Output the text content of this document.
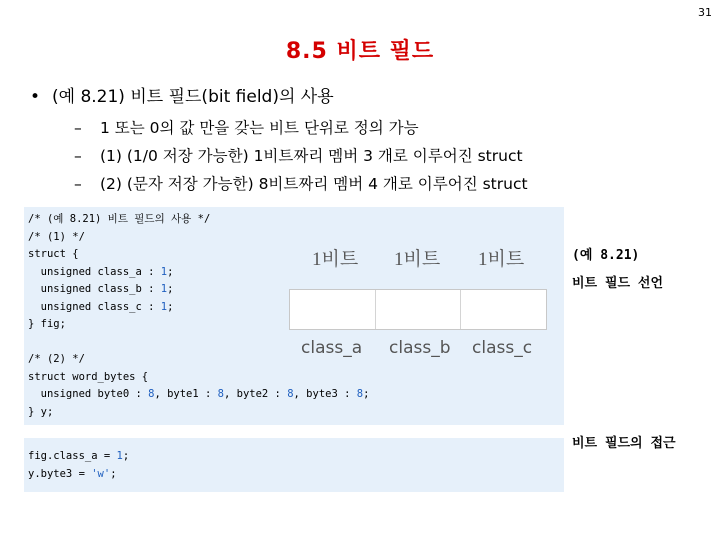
31
8.5 비트 필드
• (예 8.21) 비트 필드(bit field)의 사용
– 1 또는 0의 값 만을 갖는 비트 단위로 정의 가능
– (1) (1/0 저장 가능한) 1비트짜리 멤버 3 개로 이루어진 struct
– (2) (문자 저장 가능한) 8비트짜리 멤버 4 개로 이루어진 struct
/* (예 8.21) 비트 필드의 사용 */
/* (1) */
struct {
unsigned class_a : 1;
unsigned class_b : 1;
unsigned class_c : 1;
} fig;

/* (2) */
struct word_bytes {
unsigned byte0 : 8, byte1 : 8, byte2 : 8, byte3 : 8;
} y;
fig.class_a = 1;
y.byte3 = 'w';
1비트 1비트 1비트
class_a class_b class_c
(예 8.21)
비트 필드 선언
비트 필드의 접근
